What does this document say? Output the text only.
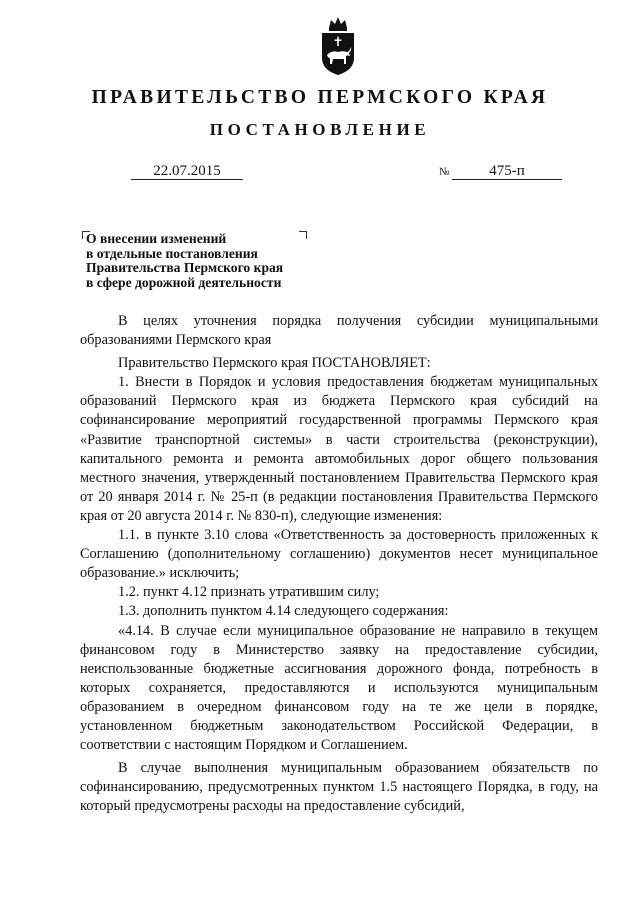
ПРАВИТЕЛЬСТВО ПЕРМСКОГО КРАЯ
ПОСТАНОВЛЕНИЕ
22.07.2015	№	475-п
О внесении изменений
в отдельные постановления
Правительства Пермского края
в сфере дорожной деятельности

В целях уточнения порядка получения субсидии муниципальными образованиями Пермского края

Правительство Пермского края ПОСТАНОВЛЯЕТ:

1. Внести в Порядок и условия предоставления бюджетам муниципальных образований Пермского края из бюджета Пермского края субсидий на софинансирование мероприятий государственной программы Пермского края «Развитие транспортной системы» в части строительства (реконструкции), капитального ремонта и ремонта автомобильных дорог общего пользования местного значения, утвержденный постановлением Правительства Пермского края от 20 января 2014 г. № 25-п (в редакции постановления Правительства Пермского края от 20 августа 2014 г. № 830-п), следующие изменения:

1.1. в пункте 3.10 слова «Ответственность за достоверность приложенных к Соглашению (дополнительному соглашению) документов несет муниципальное образование.» исключить;

1.2. пункт 4.12 признать утратившим силу;

1.3. дополнить пунктом 4.14 следующего содержания:

«4.14. В случае если муниципальное образование не направило в текущем финансовом году в Министерство заявку на предоставление субсидии, неиспользованные бюджетные ассигнования дорожного фонда, потребность в которых сохраняется, предоставляются и используются муниципальным образованием в очередном финансовом году на те же цели в порядке, установленном бюджетным законодательством Российской Федерации, в соответствии с настоящим Порядком и Соглашением.

В случае выполнения муниципальным образованием обязательств по софинансированию, предусмотренных пунктом 1.5 настоящего Порядка, в году, на который предусмотрены расходы на предоставление субсидий,
